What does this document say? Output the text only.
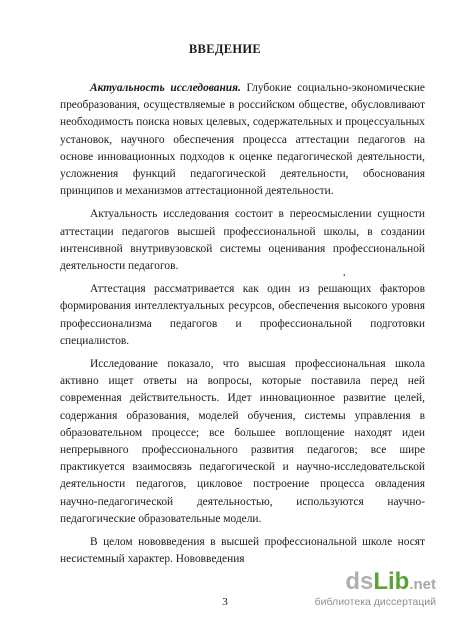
ВВЕДЕНИЕ

Актуальность исследования. Глубокие социально-экономические преобразования, осуществляемые в российском обществе, обусловливают необходимость поиска новых целевых, содержательных и процессуальных установок, научного обеспечения процесса аттестации педагогов на основе инновационных подходов к оценке педагогической деятельности, усложнения функций педагогической деятельности, обоснования принципов и механизмов аттестационной деятельности.

Актуальность исследования состоит в переосмыслении сущности аттестации педагогов высшей профессиональной школы, в создании интенсивной внутривузовской системы оценивания профессиональной деятельности педагогов.

Аттестация рассматривается как один из решающих факторов формирования интеллектуальных ресурсов, обеспечения высокого уровня профессионализма педагогов и профессиональной подготовки специалистов.

Исследование показало, что высшая профессиональная школа активно ищет ответы на вопросы, которые поставила перед ней современная действительность. Идет инновационное развитие целей, содержания образования, моделей обучения, системы управления в образовательном процессе; все большее воплощение находят идеи непрерывного профессионального развития педагогов; все шире практикуется взаимосвязь педагогической и научно-исследовательской деятельности педагогов, цикловое построение процесса овладения научно-педагогической деятельностью, используются научно-педагогические образовательные модели.

В целом нововведения в высшей профессиональной школе носят несистемный характер. Нововведения

,
3
dsLib.net
библиотека диссертаций
